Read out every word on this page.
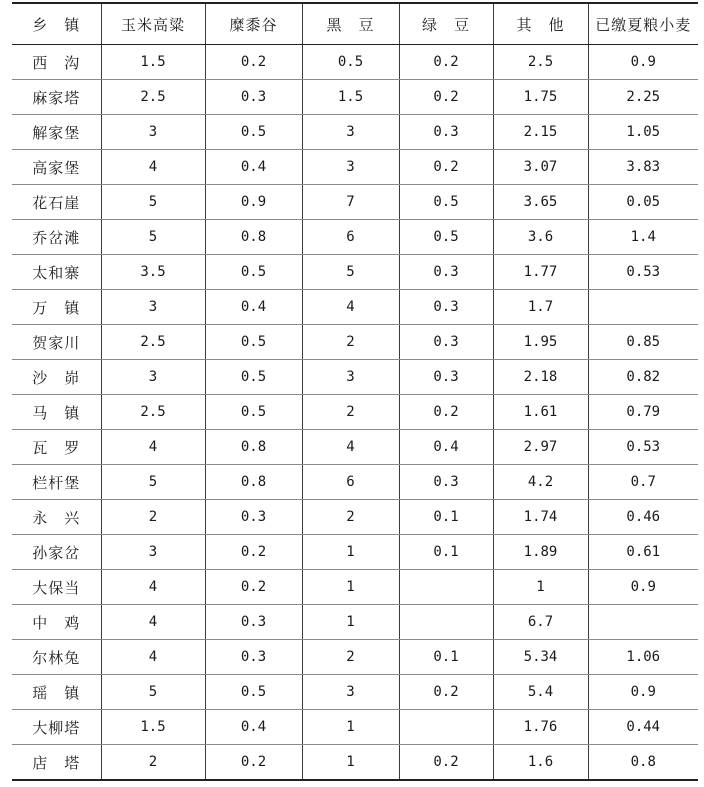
乡　镇	玉米高粱	糜黍谷	黑　豆	绿　豆	其　他	已缴夏粮小麦
西　沟	1.5	0.2	0.5	0.2	2.5	0.9
麻家塔	2.5	0.3	1.5	0.2	1.75	2.25
解家堡	3	0.5	3	0.3	2.15	1.05
高家堡	4	0.4	3	0.2	3.07	3.83
花石崖	5	0.9	7	0.5	3.65	0.05
乔岔滩	5	0.8	6	0.5	3.6	1.4
太和寨	3.5	0.5	5	0.3	1.77	0.53
万　镇	3	0.4	4	0.3	1.7	
贺家川	2.5	0.5	2	0.3	1.95	0.85
沙　峁	3	0.5	3	0.3	2.18	0.82
马　镇	2.5	0.5	2	0.2	1.61	0.79
瓦　罗	4	0.8	4	0.4	2.97	0.53
栏杆堡	5	0.8	6	0.3	4.2	0.7
永　兴	2	0.3	2	0.1	1.74	0.46
孙家岔	3	0.2	1	0.1	1.89	0.61
大保当	4	0.2	1		1	0.9
中　鸡	4	0.3	1		6.7	
尔林兔	4	0.3	2	0.1	5.34	1.06
瑶　镇	5	0.5	3	0.2	5.4	0.9
大柳塔	1.5	0.4	1		1.76	0.44
店　塔	2	0.2	1	0.2	1.6	0.8
